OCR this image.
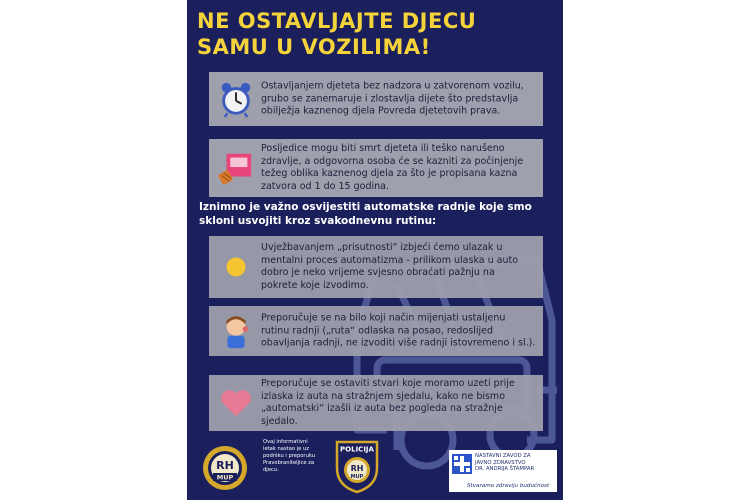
NE OSTAVLJAJTE DJECU
SAMU U VOZILIMA!
Ostavljanjem djeteta bez nadzora u zatvorenom vozilu,
grubo se zanemaruje i zlostavlja dijete što predstavlja
obilježja kaznenog djela Povreda djetetovih prava.
Posljedice mogu biti smrt djeteta ili teško narušeno
zdravlje, a odgovorna osoba će se kazniti za počinjenje
težeg oblika kaznenog djela za što je propisana kazna
zatvora od 1 do 15 godina.
Iznimno je važno osvijestiti automatske radnje koje smo
skloni usvojiti kroz svakodnevnu rutinu:
Uvježbavanjem „prisutnosti“ izbjeći ćemo ulazak u
mentalni proces automatizma - prilikom ulaska u auto
dobro je neko vrijeme svjesno obraćati pažnju na
pokrete koje izvodimo.
Preporučuje se na bilo koji način mijenjati ustaljenu
rutinu radnji („ruta“ odlaska na posao, redoslijed
obavljanja radnji, ne izvoditi više radnji istovremeno i sl.).
Preporučuje se ostaviti stvari koje moramo uzeti prije
izlaska iz auta na stražnjem sjedalu, kako ne bismo
„automatski“ izašli iz auta bez pogleda na stražnje sjedalo.
RH
MUP
Ovaj informativni
letak nastao je uz
podršku i preporuku
Pravobraniteljice za
djecu.
POLICIJA
RH
MUP
NASTAVNI ZAVOD ZA
JAVNO ZDRAVSTVO
DR. ANDRIJA ŠTAMPAR
Stvaramo zdraviju budućnost
